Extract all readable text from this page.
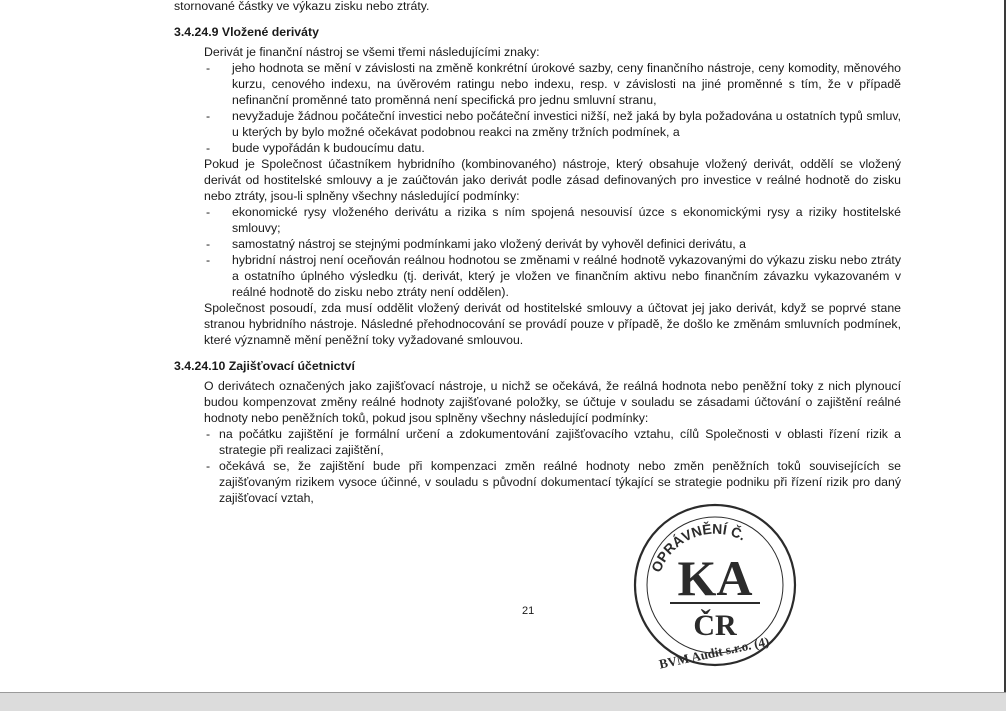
stornované částky ve výkazu zisku nebo ztráty.

3.4.24.9 Vložené deriváty

Derivát je finanční nástroj se všemi třemi následujícími znaky:

- jeho hodnota se mění v závislosti na změně konkrétní úrokové sazby, ceny finančního nástroje, ceny komodity, měnového kurzu, cenového indexu, na úvěrovém ratingu nebo indexu, resp. v závislosti na jiné proměnné s tím, že v případě nefinanční proměnné tato proměnná není specifická pro jednu smluvní stranu,
- nevyžaduje žádnou počáteční investici nebo počáteční investici nižší, než jaká by byla požadována u ostatních typů smluv, u kterých by bylo možné očekávat podobnou reakci na změny tržních podmínek, a
- bude vypořádán k budoucímu datu.

Pokud je Společnost účastníkem hybridního (kombinovaného) nástroje, který obsahuje vložený derivát, oddělí se vložený derivát od hostitelské smlouvy a je zaúčtován jako derivát podle zásad definovaných pro investice v reálné hodnotě do zisku nebo ztráty, jsou-li splněny všechny následující podmínky:

- ekonomické rysy vloženého derivátu a rizika s ním spojená nesouvisí úzce s ekonomickými rysy a riziky hostitelské smlouvy;
- samostatný nástroj se stejnými podmínkami jako vložený derivát by vyhověl definici derivátu, a
- hybridní nástroj není oceňován reálnou hodnotou se změnami v reálné hodnotě vykazovanými do výkazu zisku nebo ztráty a ostatního úplného výsledku (tj. derivát, který je vložen ve finančním aktivu nebo finančním závazku vykazovaném v reálné hodnotě do zisku nebo ztráty není oddělen).

Společnost posoudí, zda musí oddělit vložený derivát od hostitelské smlouvy a účtovat jej jako derivát, když se poprvé stane stranou hybridního nástroje. Následné přehodnocování se provádí pouze v případě, že došlo ke změnám smluvních podmínek, které významně mění peněžní toky vyžadované smlouvou.

3.4.24.10 Zajišťovací účetnictví

O derivátech označených jako zajišťovací nástroje, u nichž se očekává, že reálná hodnota nebo peněžní toky z nich plynoucí budou kompenzovat změny reálné hodnoty zajišťované položky, se účtuje v souladu se zásadami účtování o zajištění reálné hodnoty nebo peněžních toků, pokud jsou splněny všechny následující podmínky:

- na počátku zajištění je formální určení a zdokumentování zajišťovacího vztahu, cílů Společnosti v oblasti řízení rizik a strategie při realizaci zajištění,
- očekává se, že zajištění bude při kompenzaci změn reálné hodnoty nebo změn peněžních toků souvisejících se zajišťovaným rizikem vysoce účinné, v souladu s původní dokumentací týkající se strategie podniku při řízení rizik pro daný zajišťovací vztah,
21
OPRÁVNĚNÍ Č.
KA
ČR
BVM Audit s.r.o. (4)
